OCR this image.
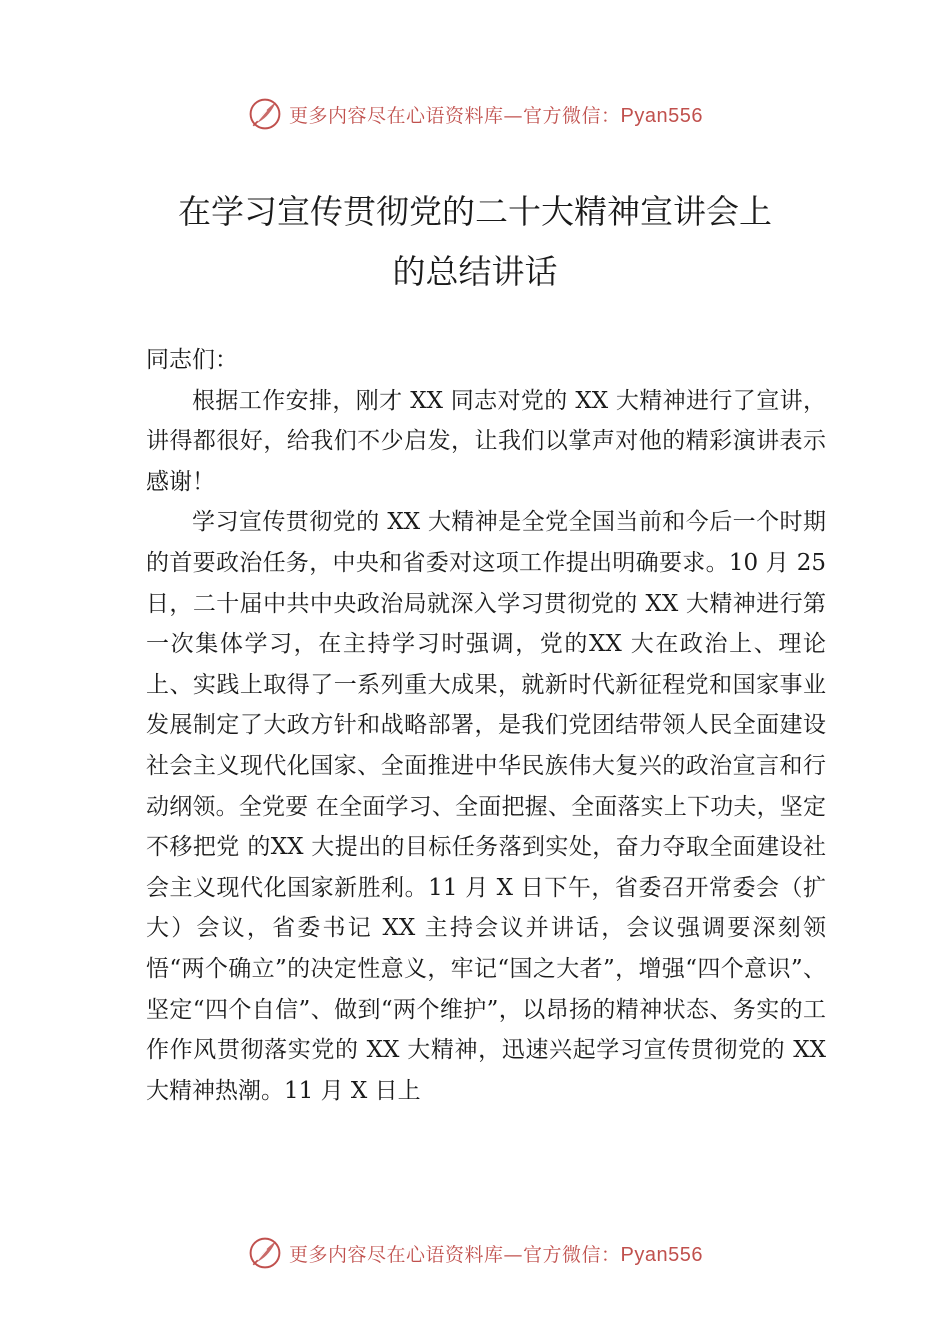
更多内容尽在心语资料库—官方微信：Pyan556
在学习宣传贯彻党的二十大精神宣讲会上
的总结讲话

同志们：

根据工作安排，刚才 XX 同志对党的 XX 大精神进行了宣讲，讲得都很好，给我们不少启发，让我们以掌声对他的精彩演讲表示感谢！

学习宣传贯彻党的 XX 大精神是全党全国当前和今后一个时期的首要政治任务，中央和省委对这项工作提出明确要求。10 月 25 日，二十届中共中央政治局就深入学习贯彻党的 XX 大精神进行第一次集体学习，在主持学习时强调，党的XX 大在政治上、理论上、实践上取得了一系列重大成果，就新时代新征程党和国家事业发展制定了大政方针和战略部署，是我们党团结带领人民全面建设社会主义现代化国家、全面推进中华民族伟大复兴的政治宣言和行动纲领。全党要 在全面学习、全面把握、全面落实上下功夫，坚定不移把党 的XX 大提出的目标任务落到实处，奋力夺取全面建设社会主义现代化国家新胜利。11 月 X 日下午，省委召开常委会（扩大）会议，省委书记 XX 主持会议并讲话，会议强调要深刻领悟“两个确立”的决定性意义，牢记“国之大者”，增强“四个意识”、坚定“四个自信”、做到“两个维护”，以昂扬的精神状态、务实的工作作风贯彻落实党的 XX 大精神，迅速兴起学习宣传贯彻党的 XX 大精神热潮。11 月 X 日上

更多内容尽在心语资料库—官方微信：Pyan556
